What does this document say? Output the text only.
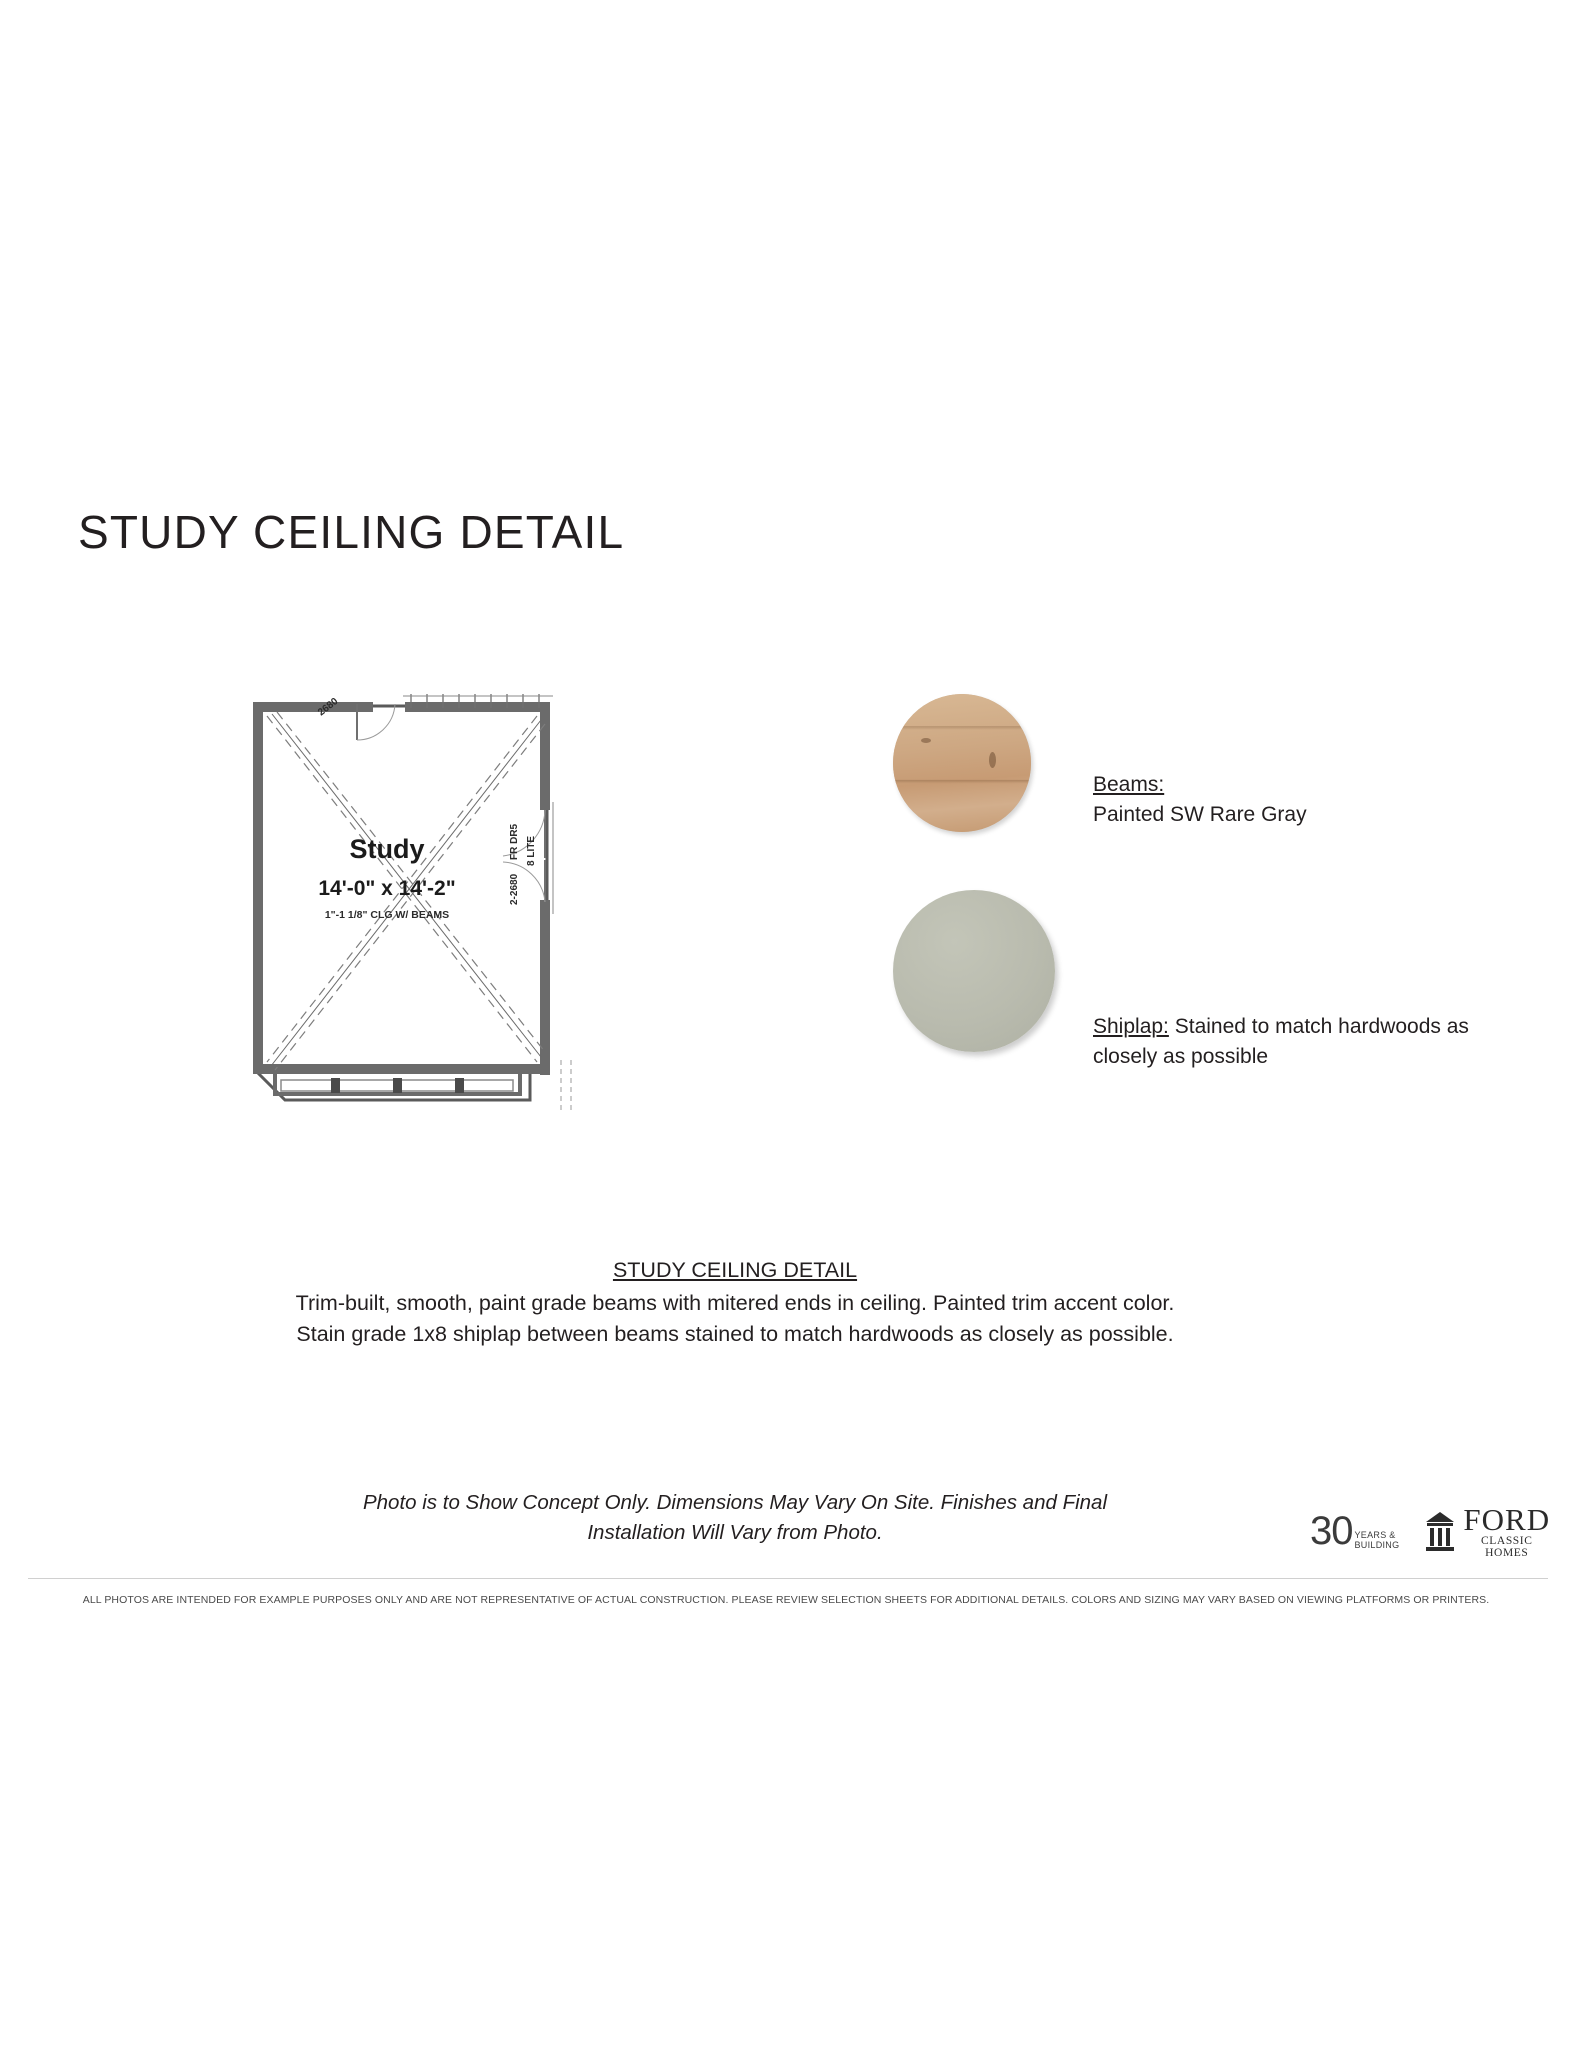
STUDY CEILING DETAIL
Study
14'-0" x 14'-2"
1"-1 1/8" CLG W/ BEAMS
2680
FR DR5 8 LITE
2-2680
Beams:
Painted SW Rare Gray
Shiplap: Stained to match hardwoods as closely as possible
STUDY CEILING DETAIL
Trim-built, smooth, paint grade beams with mitered ends in ceiling. Painted trim accent color.
Stain grade 1x8 shiplap between beams stained to match hardwoods as closely as possible.
Photo is to Show Concept Only. Dimensions May Vary On Site. Finishes and Final Installation Will Vary from Photo.	30 YEARS &
BUILDING
FORD
CLASSIC HOMES
ALL PHOTOS ARE INTENDED FOR EXAMPLE PURPOSES ONLY AND ARE NOT REPRESENTATIVE OF ACTUAL CONSTRUCTION. PLEASE REVIEW SELECTION SHEETS FOR ADDITIONAL DETAILS. COLORS AND SIZING MAY VARY BASED ON VIEWING PLATFORMS OR PRINTERS.
